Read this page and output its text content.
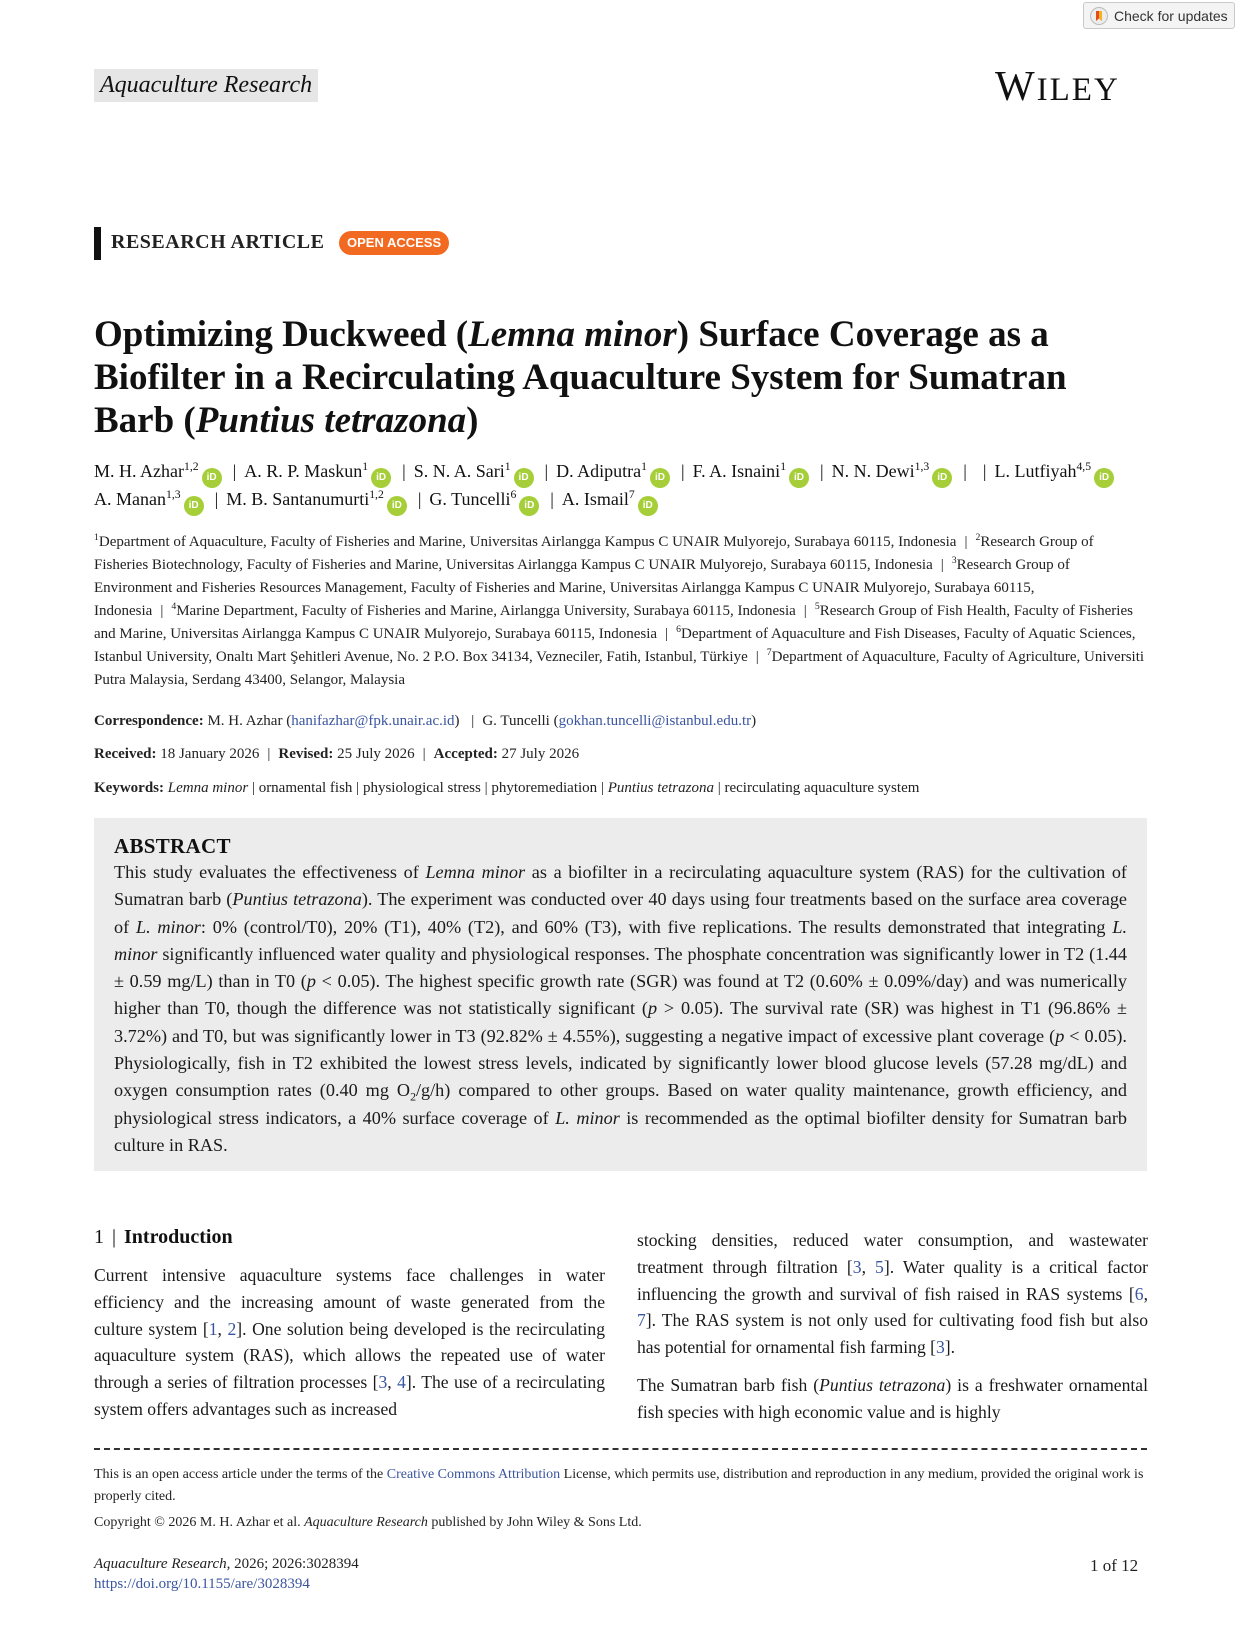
Check for updates
Aquaculture Research	WILEY
RESEARCH ARTICLE	OPEN ACCESS
Optimizing Duckweed (Lemna minor) Surface Coverage as a Biofilter in a Recirculating Aquaculture System for Sumatran Barb (Puntius tetrazona)
M. H. Azhar$^{1,2}$iD | A. R. P. Maskun$^1$iD | S. N. A. Sari$^1$iD | D. Adiputra$^1$iD | F. A. Isnaini$^1$iD | N. N. Dewi$^{1,3}$iD | | L. Lutfiyah$^{4,5}$iD
A. Manan$^{1,3}$iD | M. B. Santanumurti$^{1,2}$iD | G. Tuncelli$^6$iD | A. Ismail$^7$iD
$^1$Department of Aquaculture, Faculty of Fisheries and Marine, Universitas Airlangga Kampus C UNAIR Mulyorejo, Surabaya 60115, Indonesia | $^2$Research Group of Fisheries Biotechnology, Faculty of Fisheries and Marine, Universitas Airlangga Kampus C UNAIR Mulyorejo, Surabaya 60115, Indonesia | $^3$Research Group of Environment and Fisheries Resources Management, Faculty of Fisheries and Marine, Universitas Airlangga Kampus C UNAIR Mulyorejo, Surabaya 60115, Indonesia | $^4$Marine Department, Faculty of Fisheries and Marine, Airlangga University, Surabaya 60115, Indonesia | $^5$Research Group of Fish Health, Faculty of Fisheries and Marine, Universitas Airlangga Kampus C UNAIR Mulyorejo, Surabaya 60115, Indonesia | $^6$Department of Aquaculture and Fish Diseases, Faculty of Aquatic Sciences, Istanbul University, Onaltı Mart Şehitleri Avenue, No. 2 P.O. Box 34134, Vezneciler, Fatih, Istanbul, Türkiye | $^7$Department of Aquaculture, Faculty of Agriculture, Universiti Putra Malaysia, Serdang 43400, Selangor, Malaysia
Correspondence: M. H. Azhar (hanifazhar@fpk.unair.ac.id) | G. Tuncelli (gokhan.tuncelli@istanbul.edu.tr)
Received: 18 January 2026 | Revised: 25 July 2026 | Accepted: 27 July 2026
Keywords: Lemna minor | ornamental fish | physiological stress | phytoremediation | Puntius tetrazona | recirculating aquaculture system
ABSTRACT
This study evaluates the effectiveness of Lemna minor as a biofilter in a recirculating aquaculture system (RAS) for the cultivation of Sumatran barb (Puntius tetrazona). The experiment was conducted over 40 days using four treatments based on the surface area coverage of L. minor: 0% (control/T0), 20% (T1), 40% (T2), and 60% (T3), with five replications. The results demonstrated that integrating L. minor significantly influenced water quality and physiological responses. The phosphate concentration was significantly lower in T2 (1.44 ± 0.59 mg/L) than in T0 (p < 0.05). The highest specific growth rate (SGR) was found at T2 (0.60% ± 0.09%/day) and was numerically higher than T0, though the difference was not statistically significant (p > 0.05). The survival rate (SR) was highest in T1 (96.86% ± 3.72%) and T0, but was significantly lower in T3 (92.82% ± 4.55%), suggesting a negative impact of excessive plant coverage (p < 0.05). Physiologically, fish in T2 exhibited the lowest stress levels, indicated by significantly lower blood glucose levels (57.28 mg/dL) and oxygen consumption rates (0.40 mg $O_2/g/h$) compared to other groups. Based on water quality maintenance, growth efficiency, and physiological stress indicators, a 40% surface coverage of L. minor is recommended as the optimal biofilter density for Sumatran barb culture in RAS.
1 | Introduction
Current intensive aquaculture systems face challenges in water efficiency and the increasing amount of waste generated from the culture system [1, 2]. One solution being developed is the recirculating aquaculture system (RAS), which allows the repeated use of water through a series of filtration processes [3, 4]. The use of a recirculating system offers advantages such as increased
stocking densities, reduced water consumption, and wastewater treatment through filtration [3, 5]. Water quality is a critical factor influencing the growth and survival of fish raised in RAS systems [6, 7]. The RAS system is not only used for cultivating food fish but also has potential for ornamental fish farming [3].
The Sumatran barb fish (Puntius tetrazona) is a freshwater ornamental fish species with high economic value and is highly
This is an open access article under the terms of the Creative Commons Attribution License, which permits use, distribution and reproduction in any medium, provided the original work is properly cited.
Copyright © 2026 M. H. Azhar et al. Aquaculture Research published by John Wiley & Sons Ltd.
Aquaculture Research, 2026; 2026:3028394
https://doi.org/10.1155/are/3028394
1 of 12
